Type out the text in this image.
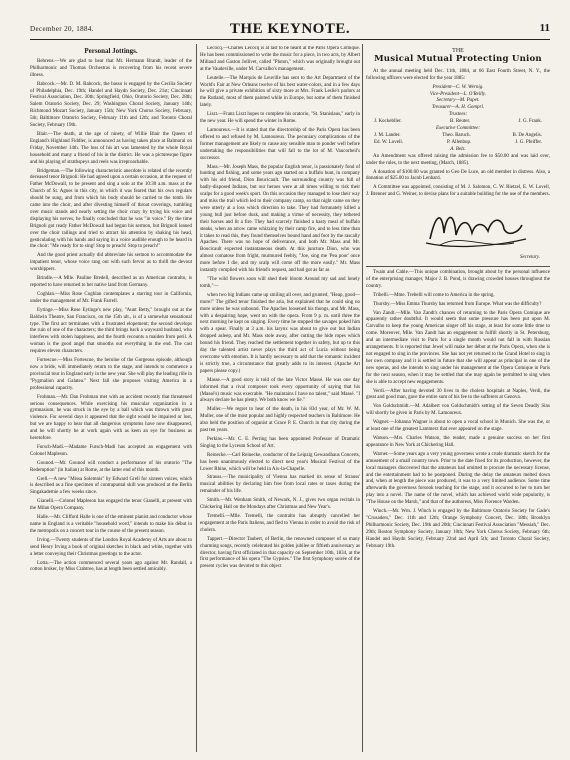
December 20, 1884.	THE KEYNOTE.	11
Personal Jottings.

Behrens.—We are glad to hear that Mr. Hermann Brandt, leader of the Philharmonic and Thomas Orchestras is recovering from his recent severe illness.

Babcock.—Mr. D. M. Babcock, the basso is engaged by the Cecilia Society of Philadelphia, Dec. 19th; Handel and Haydn Society, Dec. 21st; Cincinnati Festival Association, Dec. 30th; Springfield, Ohio, Oratorio Society, Dec. 28th; Salem Oratorio Society, Dec. 29; Washington Choral Society, January 14th; Richmond Mozart Society, January 15th; New York Chorus Society, February, 5th; Baltimore Oratorio Society, February 11th and 12th; and Toronto Choral Society, February 19th.

Blair.—The death, at the age of ninety, of Willie Blair the Queen of England's Highland Fiddler, is announced as having taken place at Balmoral on Friday, November 14th. The loss of his art was lamented by the whole Royal household and many a friend of his in the district. He was a picturesque figure and his playing of strathspeys and reels was irreproachable.

Bridgeman.—The following characteristic anecdote is related of the recently deceased tenor Brignoli: He had agreed upon a certain occasion, at the request of Father McDowall, to be present and sing a solo at the 10:30 a.m. mass at the Church of St. Agnes in this city, in which it was feared that his own regulars should be sung, and from which his body should be carried to the tomb. He came into the choir, and after divesting himself of throat coverings, tumbling over music stands and nearly setting the choir crazy by trying his voice and displaying his nerves, he finally concluded that he was "in voice." By the time Brignoli got ready Father McDowall had begun his sermon, but Brignoli leaned over the choir railings and tried to attract his attention by shaking his head, gesticulating with his hands and saying in a voice audible enough to be heard in the choir: "Me ready for to sing! Stop to preach! Stop to preach!"

And the good priest actually did abbreviate his sermon to accommodate the impatient tenor, whose voice rang out with such fervor as to thrill the devout worshippers.

Brindle.—A Mlle. Pauline Bredell, described as an American contralto, is reported to have returned to her native land from Germany.

Coghlan.—Miss Rose Coghlan contemplates a starring tour in California, under the management of Mr. Frank Farrell.

Eytinge.—Miss Rose Eytinge's new play, "Aunt Betty," brought out at the Baldwin Theatre, San Francisco, on the 15th ult., is of a somewhat sensational type. The first act terminates with a frustrated elopement; the second develops the ruin of one of the characters; the third brings back a wayward husband, who interferes with stolen happiness, and the fourth recounts a maiden from peril. A woman is the good angel that smooths out everything in the end. The cast requires eleven characters.

Fortescue.—Miss Fortescue, the heroine of the Gorgeous episode, although now a bride, will immediately return to the stage, and intends to commence a provincial tour in England early in the new year. She will play the leading rôle in "Pygmalion and Galatea." Next fall she proposes visiting America in a professional capacity.

Frohman.—Mr. Dan Frohman met with an accident recently that threatened serious consequences. While exercising his muscular organization in a gymnasium, he was struck in the eye by a ball which was thrown with great violence. For several days it appeared that the sight would be impaired or lost, but we are happy to hear that all dangerous symptoms have now disappeared, and he will shortly be at work again with as keen an eye for business as heretofore.

Fursch-Madi.—Madame Fursch-Madi has accepted an engagement with Colonel Mapleson.

Gounod.—Mr. Gounod will conduct a performance of his oratorio "The Redemption" (in Italian) at Rome, at the latter end of this month.

Grell.—A new "Missa Solemnis" by Edward Grell for sixteen voices, which is described as a fine specimen of contrapuntal skill was produced at the Berlin Singakademie a few weeks since.

Gianelli.—Colonel Mapleson has engaged the tenor Gianelli, at present with the Milan Opera Company.

Halle.—Mr. Clifford Halle is one of the eminent pianist and conductor whose name in England is a veritable "household word," intends to make his début in the metropolis on a concert tour in the course of the present season.

Irving.—Twenty students of the London Royal Academy of Arts are about to send Henry Irving a book of original sketches in black and white, together with a letter conveying their Christmas greetings to the actor.

Lotta.—The action commenced several years ago against Mr. Randall, a cotton broker, by Miss Crabtree, has at length been settled amicably.

Lecocq.—Charles Lecocq is at last to be heard at the Paris Opera Comique. He has been commissioned to write the music for a piece, in two acts, by Albert Millaud and Gaston Jollivet, called "Pluton," which was originally brought out at the Vaudeville, under M. Carvalho's management.

Leutelle.—The Marquis de Leuville has sent to the Art Department of the World's Fair at New Orleans twelve of his best water-colors, and in a few days he will give a private exhibition of sixty more at Mrs. Frank Leslie's parlors at the Rutland, most of them painted while in Europe, but some of them finished lately.

Liszt.—Franz Liszt hopes to complete his oratorio, "St. Stanislaus," early in the new year. He will spend the winter in Rome.

Lamoureux.—It is stated that the directorship of the Paris Opera has been offered to and refused by M. Lamoureux. The pecuniary complications of the former management are likely to cause any sensible man to ponder well before undertaking the responsibilities that will fall to the lot of M. Vaucorbeil's successor.

Mass.—Mr. Joseph Mass, the popular English tenor, is passionately fond of hunting and fishing, and some years ago started on a buffalo hunt, in company with his old friend, Dion Boucicault. The surrounding country was full of badly-disposed Indians, but our heroes were at all times willing to risk their scalps for a good week's sport. On this occasion they managed to lose their way and miss the trail which led to their company camp, so that night came on they were utterly at a loss which direction to take. They had fortunately killed a young bull just before dusk, and making a virtue of necessity, they tethered their horses and lit a fire. They had scarcely finished a hasty meal of buffalo steaks, when an arrow came whizzing by their camp fire, and to less time than it takes to read this, they found themselves bound hand and foot by the rascally Apaches. There was no hope of deliverance, and both Mr. Mass and Mr. Boucicault expected instantaneous death. At this juncture Dion, who was almost comatose from fright, murmured feebly, "Joe, sing me 'Pea poor' once more before I die, and my scalp will come off the more easily." Mr. Mass instantly complied with his friend's request, and had got as far as

"The wild flowers soon will shed their bloom Around my sad and lonely tomb,"—

when two big Indians came up smiling all over, and grunted, "Heap, good—more!" The gifted tenor finished the aria, but explained that he could sing no more unless he was unbound. The Apaches loosened his thongs, and Mr. Mass, with a despairing hope, went on with the opera. From 9 p. m. until three the next morning he kept on singing. Every time he stopped the savages poked him with a spear. Finally at 3 a.m. his larynx was about to give out but Indian dropped asleep, and Mr. Mass stole away, after cutting the hide ropes which bound his friend. They reached the settlement together in safety, but up to this day the talented artist never plays the third act of Lucia without being overcome with emotion. It is hardly necessary to add that the romantic incident is strictly true, a circumstance that greatly adds to its interest. (Apache Art papers please copy.)

Masse.—A good story is told of the late Victor Massé. He was one day informed that a rival composer took every opportunity of saying that his (Massé's) music was execrable. "He maintains I have no talent," said Massé. "I always declare he has plenty. We both know we lie."

Muller.—We regret to hear of the death, in his 83d year, of Mr. W. M. Muller, one of the most popular and highly respected teachers in Baltimore. He also held the position of organist at Grace P. E. Church in that city during the past ten years.

Perkins.—Mr. C. E. Perring has been appointed Professor of Dramatic Singing to the Lyceum School of Art.

Reinecke.—Carl Reinecke, conductor of the Leipzig Gewandhaus Concerts, has been unanimously elected to direct next year's Musical Festival of the Lower Rhine, which will be held in Aix-la-Chapelle.

Strauss.—The municipality of Vienna has marked its sense of Strauss' musical abilities by declaring him free from local rates or taxes during the remainder of his life.

Smith.—Mr. Wenham Smith, of Newark, N. J., gives two organ recitals in Chickering Hall on the Mondays after Christmas and New Year's.

Tremelli.—Mlle. Tremelli, the contralto has abruptly cancelled her engagement at the Paris Italiens, and fled to Vienna in order to avoid the risk of cholera.

Tappert.—Director Taubert, of Berlin, the renowned composer of so many charming songs, recently celebrated his golden jubilee or fiftieth anniversary as director, having first officiated in that capacity on September 10th, 1834, at the first performance of his opera "The Gypsies." The first Symphony soirée of the present cycles was devoted to this object

THE
Musical Mutual Protecting Union

At the annual meeting held Dec. 11th, 1884, at 66 East Fourth Street, N. Y., the following officers were elected for the year 1885:

President—C. W. Wernig.
Vice-President—L. O'Reilly.
Secretary—M. Papet.
Treasurer—A. H. Gomprl.
Trustees:
J. Kockebller.	B. Reuter.	J. G. Frank.
Executive Committee:
J. M. Lander.	Theo. Baruch.	B. De Angelis.
Ed. W. Lovell.	P. Allenbup.	J. G. Pfeiffer.
A. Belz.

An Amendment was offered raising the admission fee to $50.00 and was laid over, under the rules, to the next meeting, (March, 1885).

A donation of $100.00 was granted to Geo De Luce, an old member in distress. Also, a donation of $25.00 to Jacob Lenhard.

A Committee was appointed, consisting of M. J. Salomon, C. W. Rietzel, E. W. Lovell, J. Brenner and G. Weiner, to devise plans for a suitable building for the use of the members.

Secretary.

Twain and Cable.—This unique combination, brought about by the personal influence of the enterprising manager, Major J. B. Pond, is drawing crowded houses throughout the country.

Tribelli.—Mme. Trebelli will come to America in the spring.

Thursby.—Miss Emma Thursby has returned from Europe. What was the difficulty?

Van Zandt.—Mlle. Van Zandt's chances of returning to the Paris Opera Comique are apparently rather doubtful. It would seem that some pressure has been put upon M. Carvalho to keep the young American singer off his stage, at least for some little time to come. Moreover, Mlle. Van Zandt has an engagement to fulfill shortly in St. Petersburg, and an intermediate visit to Paris for a single month would not fall in with Russian arrangements. It is reported that Jewel will make her début at the Paris Opera, when she is not engaged to sing in the provinces. She has not yet returned to the Grand Hotel to sing in her own company and it is settled in future that she will appear as principal in one of the new operas, and she intends to sing under his management at the Opera Comique in Paris for the next season, when it may be settled that she may again be permitted to sing when she is able to accept new engagements.

Verdi.—After having devoted 30 lives to the cholera hospitals at Naples, Verdi, the great and good man, gave the entire sum of his fee to the sufferers at Genova.

Von Goldschmidt.—M. Adalbert von Goldschmidt's setting of the Seven Deadly Sins will shortly be given in Paris by M. Lamoureux.

Wagner.—Johanna Wagner is about to open a vocal school in Munich. She was the, or at least one of the greatest Lammerz that ever appeared on the stage.

Watson.—Mrs. Charles Watson, the reader, made a genuine success on her first appearance in New York at Chickering Hall.

Warner.—Some years ago a very young governess wrote a crude dramatic sketch for the amusement of a small country town. Prior to the date fixed for its production, however, the local managers discovered that the amateurs had omitted to procure the necessary license, and the entertainment had to be postponed. During the delay the amateurs melted down and, when at length the piece was produced, it was to a very limited audience. Some time afterwards the governess forsook teaching for the stage, and it occurred to her to turn her play into a novel. The name of the novel, which has achieved world wide popularity, is "The House on the Marsh," and that of the authoress, Miss Florence Warden.

Winch.—Mr. Wm. J. Winch is engaged by the Baltimore Oratorio Society for Gade's "Crusaders," Dec. 11th and 12th; Orange Symphony Concert, Dec. 18th; Brooklyn Philharmonic Society, Dec. 19th and 20th; Cincinnati Festival Association "Messiah," Dec. 29th; Boston Symphony Society, January 10th; New York Chorus Society, February 6th; Handel and Haydn Society, February 22nd and April 5th; and Toronto Choral Society, February 19th.
